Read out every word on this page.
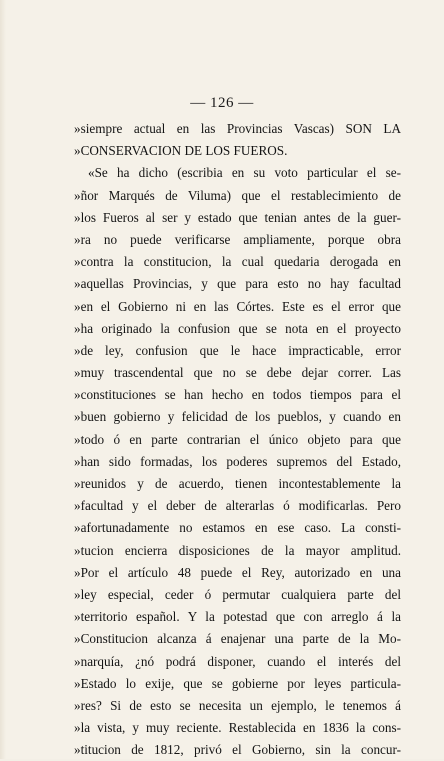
— 126 —
»siempre actual en las Provincias Vascas) SON LA
»CONSERVACION DE LOS FUEROS.
«Se ha dicho (escribia en su voto particular el se-
»ñor Marqués de Viluma) que el restablecimiento de
»los Fueros al ser y estado que tenian antes de la guer-
»ra no puede verificarse ampliamente, porque obra
»contra la constitucion, la cual quedaria derogada en
»aquellas Provincias, y que para esto no hay facultad
»en el Gobierno ni en las Córtes. Este es el error que
»ha originado la confusion que se nota en el proyecto
»de ley, confusion que le hace impracticable, error
»muy trascendental que no se debe dejar correr. Las
»constituciones se han hecho en todos tiempos para el
»buen gobierno y felicidad de los pueblos, y cuando en
»todo ó en parte contrarian el único objeto para que
»han sido formadas, los poderes supremos del Estado,
»reunidos y de acuerdo, tienen incontestablemente la
»facultad y el deber de alterarlas ó modificarlas. Pero
»afortunadamente no estamos en ese caso. La consti-
»tucion encierra disposiciones de la mayor amplitud.
»Por el artículo 48 puede el Rey, autorizado en una
»ley especial, ceder ó permutar cualquiera parte del
»territorio español. Y la potestad que con arreglo á la
»Constitucion alcanza á enajenar una parte de la Mo-
»narquía, ¿nó podrá disponer, cuando el interés del
»Estado lo exije, que se gobierne por leyes particula-
»res? Si de esto se necesita un ejemplo, le tenemos á
»la vista, y muy reciente. Restablecida en 1836 la cons-
»titucion de 1812, privó el Gobierno, sin la concur-
